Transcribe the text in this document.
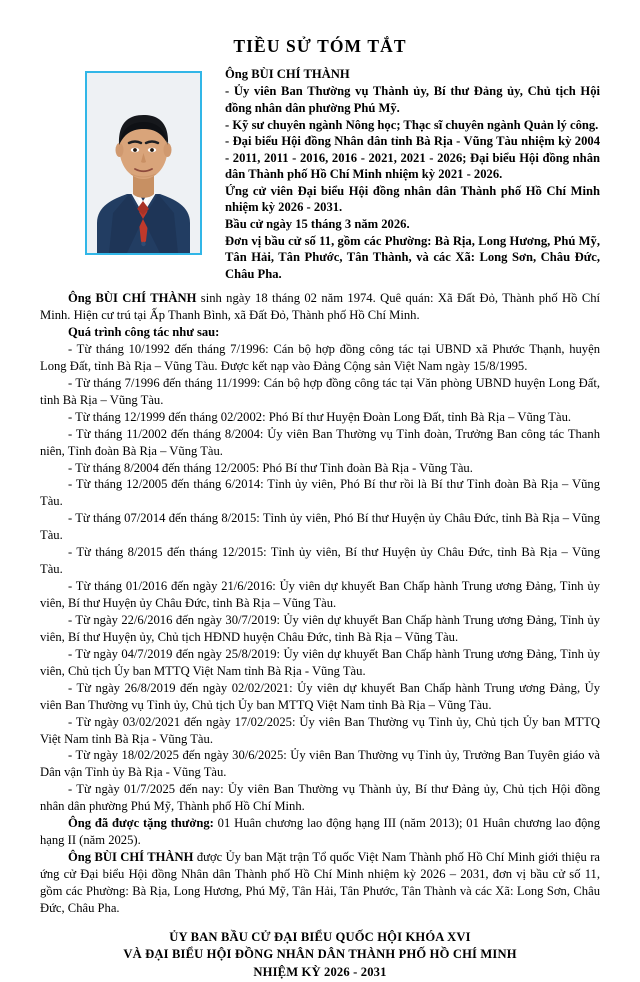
TIỀU SỬ TÓM TẮT

Ông BÙI CHÍ THÀNH

- Ủy viên Ban Thường vụ Thành ủy, Bí thư Đảng ủy, Chủ tịch Hội đồng nhân dân phường Phú Mỹ.

- Kỹ sư chuyên ngành Nông học; Thạc sĩ chuyên ngành Quản lý công.

- Đại biểu Hội đồng Nhân dân tỉnh Bà Rịa - Vũng Tàu nhiệm kỳ 2004 - 2011, 2011 - 2016, 2016 - 2021, 2021 - 2026; Đại biểu Hội đồng nhân dân Thành phố Hồ Chí Minh nhiệm kỳ 2021 - 2026.

Ứng cử viên Đại biểu Hội đồng nhân dân Thành phố Hồ Chí Minh nhiệm kỳ 2026 - 2031.

Bầu cử ngày 15 tháng 3 năm 2026.

Đơn vị bầu cử số 11, gồm các Phường: Bà Rịa, Long Hương, Phú Mỹ, Tân Hải, Tân Phước, Tân Thành, và các Xã: Long Sơn, Châu Đức, Châu Pha.

Ông BÙI CHÍ THÀNH sinh ngày 18 tháng 02 năm 1974. Quê quán: Xã Đất Đỏ, Thành phố Hồ Chí Minh. Hiện cư trú tại Ấp Thanh Bình, xã Đất Đỏ, Thành phố Hồ Chí Minh.

Quá trình công tác như sau:

- Từ tháng 10/1992 đến tháng 7/1996: Cán bộ hợp đồng công tác tại UBND xã Phước Thạnh, huyện Long Đất, tỉnh Bà Rịa – Vũng Tàu. Được kết nạp vào Đảng Cộng sản Việt Nam ngày 15/8/1995.

- Từ tháng 7/1996 đến tháng 11/1999: Cán bộ hợp đồng công tác tại Văn phòng UBND huyện Long Đất, tỉnh Bà Rịa – Vũng Tàu.

- Từ tháng 12/1999 đến tháng 02/2002: Phó Bí thư Huyện Đoàn Long Đất, tỉnh Bà Rịa – Vũng Tàu.

- Từ tháng 11/2002 đến tháng 8/2004: Ủy viên Ban Thường vụ Tỉnh đoàn, Trưởng Ban công tác Thanh niên, Tỉnh đoàn Bà Rịa – Vũng Tàu.

- Từ tháng 8/2004 đến tháng 12/2005: Phó Bí thư Tỉnh đoàn Bà Rịa - Vũng Tàu.

- Từ tháng 12/2005 đến tháng 6/2014: Tỉnh ủy viên, Phó Bí thư rồi là Bí thư Tỉnh đoàn Bà Rịa – Vũng Tàu.

- Từ tháng 07/2014 đến tháng 8/2015: Tỉnh ủy viên, Phó Bí thư Huyện ủy Châu Đức, tỉnh Bà Rịa – Vũng Tàu.

- Từ tháng 8/2015 đến tháng 12/2015: Tỉnh ủy viên, Bí thư Huyện ủy Châu Đức, tỉnh Bà Rịa – Vũng Tàu.

- Từ tháng 01/2016 đến ngày 21/6/2016: Ủy viên dự khuyết Ban Chấp hành Trung ương Đảng, Tỉnh ủy viên, Bí thư Huyện ủy Châu Đức, tỉnh Bà Rịa – Vũng Tàu.

- Từ ngày 22/6/2016 đến ngày 30/7/2019: Ủy viên dự khuyết Ban Chấp hành Trung ương Đảng, Tỉnh ủy viên, Bí thư Huyện ủy, Chủ tịch HĐND huyện Châu Đức, tỉnh Bà Rịa – Vũng Tàu.

- Từ ngày 04/7/2019 đến ngày 25/8/2019: Ủy viên dự khuyết Ban Chấp hành Trung ương Đảng, Tỉnh ủy viên, Chủ tịch Ủy ban MTTQ Việt Nam tỉnh Bà Rịa - Vũng Tàu.

- Từ ngày 26/8/2019 đến ngày 02/02/2021: Ủy viên dự khuyết Ban Chấp hành Trung ương Đảng, Ủy viên Ban Thường vụ Tỉnh ủy, Chủ tịch Ủy ban MTTQ Việt Nam tỉnh Bà Rịa – Vũng Tàu.

- Từ ngày 03/02/2021 đến ngày 17/02/2025: Ủy viên Ban Thường vụ Tỉnh ủy, Chủ tịch Ủy ban MTTQ Việt Nam tỉnh Bà Rịa - Vũng Tàu.

- Từ ngày 18/02/2025 đến ngày 30/6/2025: Ủy viên Ban Thường vụ Tỉnh ủy, Trưởng Ban Tuyên giáo và Dân vận Tỉnh ủy Bà Rịa - Vũng Tàu.

- Từ ngày 01/7/2025 đến nay: Ủy viên Ban Thường vụ Thành ủy, Bí thư Đảng ủy, Chủ tịch Hội đồng nhân dân phường Phú Mỹ, Thành phố Hồ Chí Minh.

Ông đã được tặng thưởng: 01 Huân chương lao động hạng III (năm 2013); 01 Huân chương lao động hạng II (năm 2025).

Ông BÙI CHÍ THÀNH được Ủy ban Mặt trận Tổ quốc Việt Nam Thành phố Hồ Chí Minh giới thiệu ra ứng cử Đại biểu Hội đồng Nhân dân Thành phố Hồ Chí Minh nhiệm kỳ 2026 – 2031, đơn vị bầu cử số 11, gồm các Phường: Bà Rịa, Long Hương, Phú Mỹ, Tân Hải, Tân Phước, Tân Thành và các Xã: Long Sơn, Châu Đức, Châu Pha.

ỦY BAN BẦU CỬ ĐẠI BIỂU QUỐC HỘI KHÓA XVI
VÀ ĐẠI BIỂU HỘI ĐỒNG NHÂN DÂN THÀNH PHỐ HỒ CHÍ MINH
NHIỆM KỲ 2026 - 2031
